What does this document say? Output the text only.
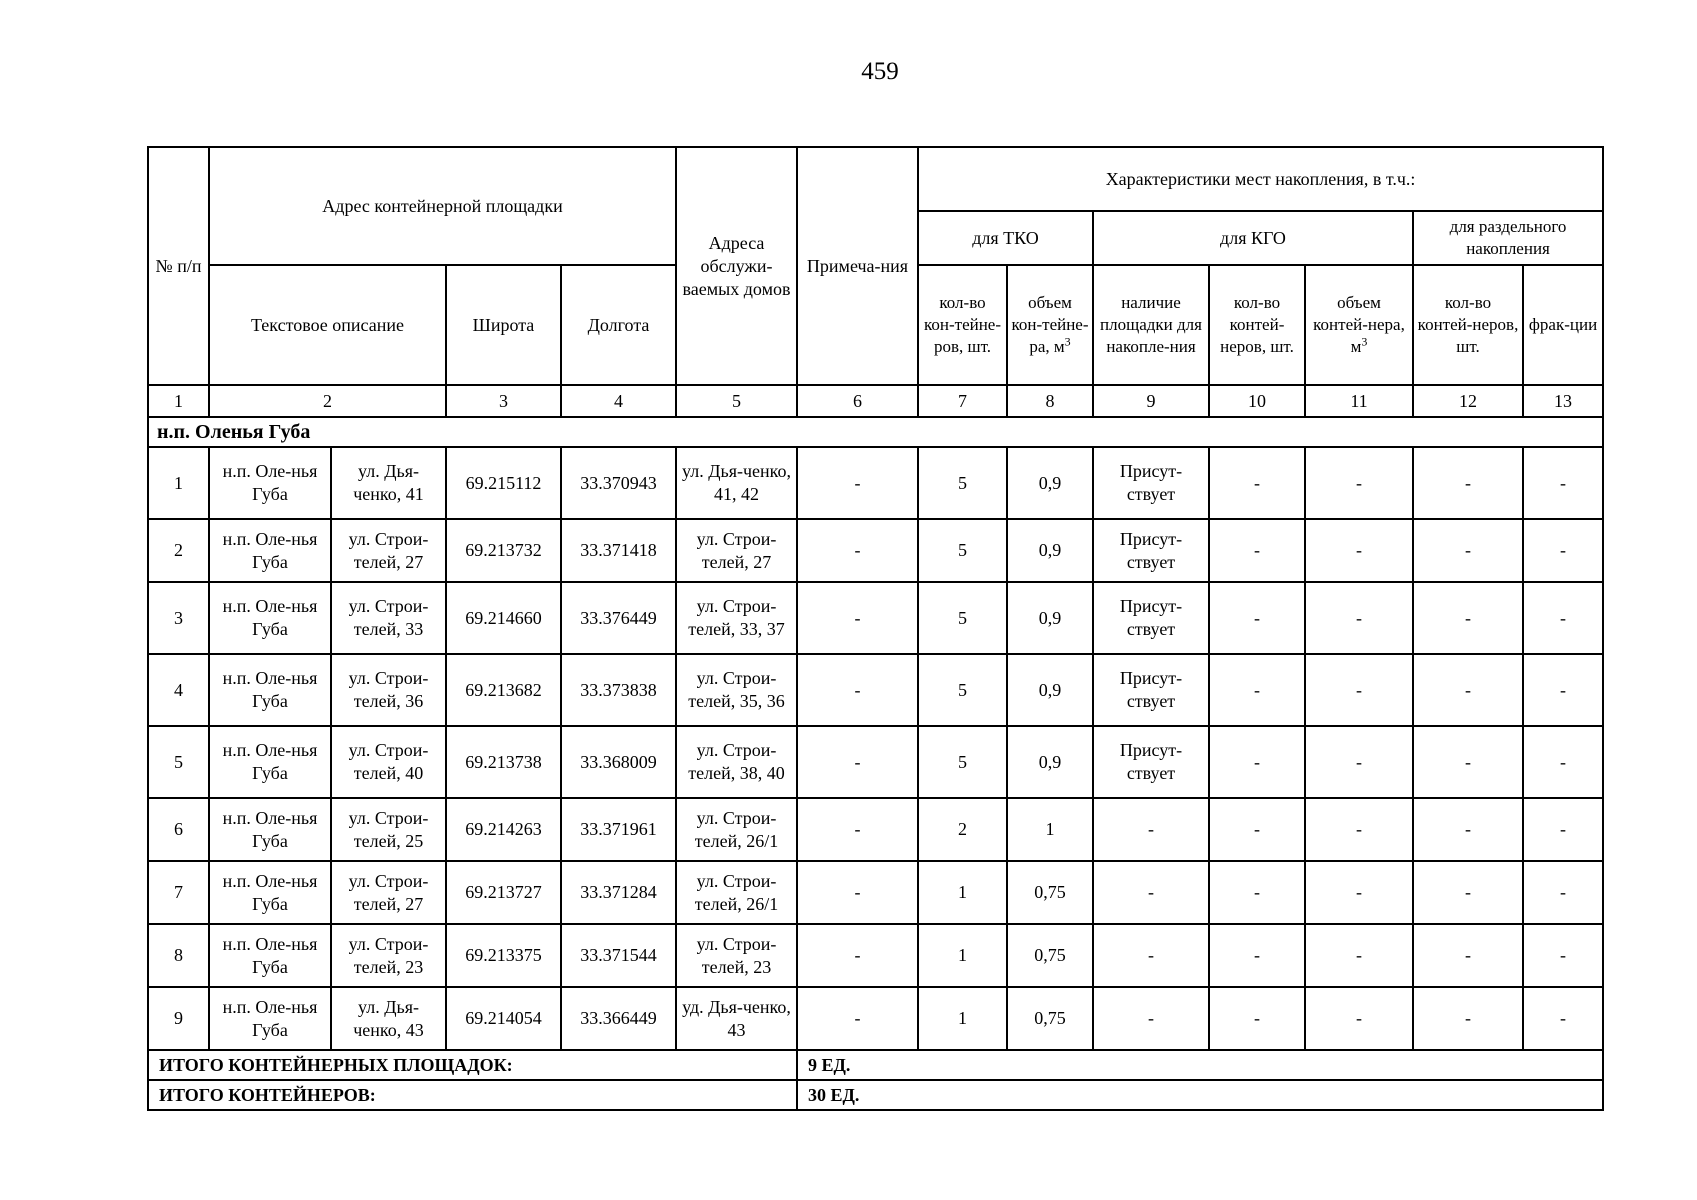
459
№ п/п	Адрес контейнерной площадки				Адреса обслужи-ваемых домов	Примеча-ния	Характеристики мест накопления, в т.ч.:						
							для ТКО		для КГО			для раздельного накопления	
							кол-во кон-тейне-ров, шт.	объем кон-тейне-ра, $м^3$	наличие площадки для накопле-ния	кол-во контей-неров, шт.	объем контей-нера, $м^3$	кол-во контей-неров, шт.	фрак-ции
	Текстовое описание		Широта	Долгота									
1	2		3	4	5	6	7	8	9	10	11	12	13
н.п. Оленья Губа													
1	н.п. Оле-нья Губа	ул. Дья-ченко, 41	69.215112	33.370943	ул. Дья-ченко, 41, 42	-	5	0,9	Присут-ствует	-	-	-	-
2	н.п. Оле-нья Губа	ул. Строи-телей, 27	69.213732	33.371418	ул. Строи-телей, 27	-	5	0,9	Присут-ствует	-	-	-	-
3	н.п. Оле-нья Губа	ул. Строи-телей, 33	69.214660	33.376449	ул. Строи-телей, 33, 37	-	5	0,9	Присут-ствует	-	-	-	-
4	н.п. Оле-нья Губа	ул. Строи-телей, 36	69.213682	33.373838	ул. Строи-телей, 35, 36	-	5	0,9	Присут-ствует	-	-	-	-
5	н.п. Оле-нья Губа	ул. Строи-телей, 40	69.213738	33.368009	ул. Строи-телей, 38, 40	-	5	0,9	Присут-ствует	-	-	-	-
6	н.п. Оле-нья Губа	ул. Строи-телей, 25	69.214263	33.371961	ул. Строи-телей, 26/1	-	2	1	-	-	-	-	-
7	н.п. Оле-нья Губа	ул. Строи-телей, 27	69.213727	33.371284	ул. Строи-телей, 26/1	-	1	0,75	-	-	-	-	-
8	н.п. Оле-нья Губа	ул. Строи-телей, 23	69.213375	33.371544	ул. Строи-телей, 23	-	1	0,75	-	-	-	-	-
9	н.п. Оле-нья Губа	ул. Дья-ченко, 43	69.214054	33.366449	уд. Дья-ченко, 43	-	1	0,75	-	-	-	-	-
ИТОГО КОНТЕЙНЕРНЫХ ПЛОЩАДОК:						9 ЕД.							
ИТОГО КОНТЕЙНЕРОВ:						30 ЕД.							
